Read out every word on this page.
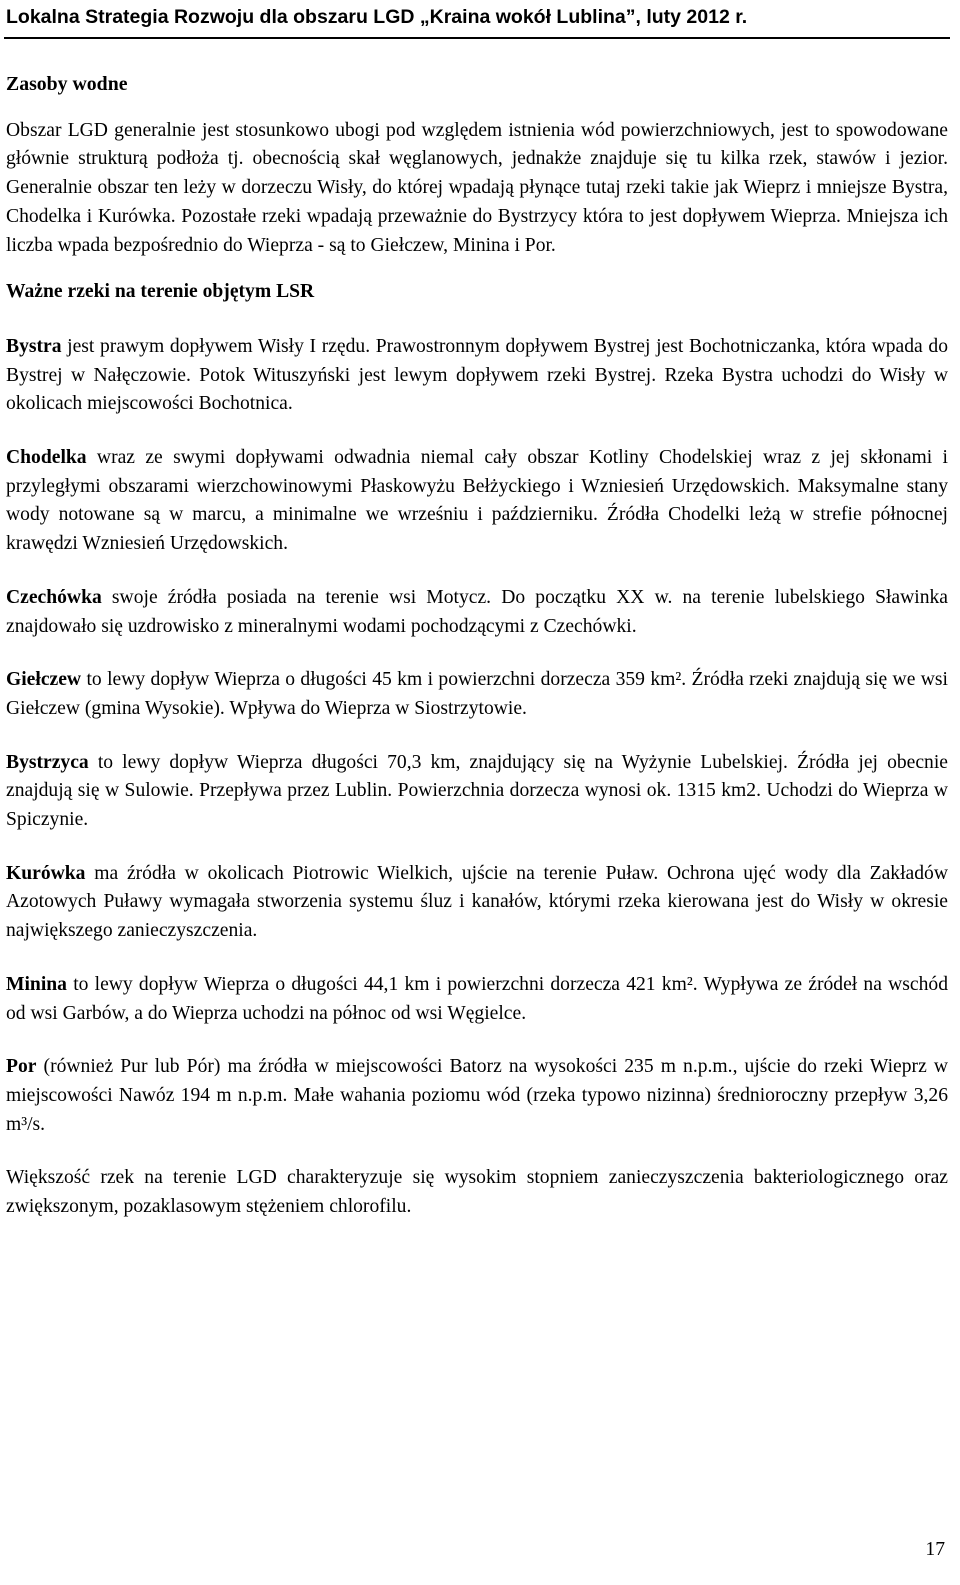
Lokalna Strategia Rozwoju dla obszaru LGD „Kraina wokół Lublina”, luty 2012 r.
Zasoby wodne

Obszar LGD generalnie jest stosunkowo ubogi pod względem istnienia wód powierzchniowych, jest to spowodowane głównie strukturą podłoża tj. obecnością skał węglanowych, jednakże znajduje się tu kilka rzek, stawów i jezior. Generalnie obszar ten leży w dorzeczu Wisły, do której wpadają płynące tutaj rzeki takie jak Wieprz i mniejsze Bystra, Chodelka i Kurówka. Pozostałe rzeki wpadają przeważnie do Bystrzycy która to jest dopływem Wieprza. Mniejsza ich liczba wpada bezpośrednio do Wieprza - są to Giełczew, Minina i Por.

Ważne rzeki na terenie objętym LSR

Bystra jest prawym dopływem Wisły I rzędu. Prawostronnym dopływem Bystrej jest Bochotniczanka, która wpada do Bystrej w Nałęczowie. Potok Wituszyński jest lewym dopływem rzeki Bystrej. Rzeka Bystra uchodzi do Wisły w okolicach miejscowości Bochotnica.

Chodelka wraz ze swymi dopływami odwadnia niemal cały obszar Kotliny Chodelskiej wraz z jej skłonami i przyległymi obszarami wierzchowinowymi Płaskowyżu Bełżyckiego i Wzniesień Urzędowskich. Maksymalne stany wody notowane są w marcu, a minimalne we wrześniu i październiku. Źródła Chodelki leżą w strefie północnej krawędzi Wzniesień Urzędowskich.

Czechówka swoje źródła posiada na terenie wsi Motycz. Do początku XX w. na terenie lubelskiego Sławinka znajdowało się uzdrowisko z mineralnymi wodami pochodzącymi z Czechówki.

Giełczew to lewy dopływ Wieprza o długości 45 km i powierzchni dorzecza 359 km². Źródła rzeki znajdują się we wsi Giełczew (gmina Wysokie). Wpływa do Wieprza w Siostrzytowie.

Bystrzyca to lewy dopływ Wieprza długości 70,3 km, znajdujący się na Wyżynie Lubelskiej. Źródła jej obecnie znajdują się w Sulowie. Przepływa przez Lublin. Powierzchnia dorzecza wynosi ok. 1315 km2. Uchodzi do Wieprza w Spiczynie.

Kurówka ma źródła w okolicach Piotrowic Wielkich, ujście na terenie Puław. Ochrona ujęć wody dla Zakładów Azotowych Puławy wymagała stworzenia systemu śluz i kanałów, którymi rzeka kierowana jest do Wisły w okresie największego zanieczyszczenia.

Minina to lewy dopływ Wieprza o długości 44,1 km i powierzchni dorzecza 421 km². Wypływa ze źródeł na wschód od wsi Garbów, a do Wieprza uchodzi na północ od wsi Węgielce.

Por (również Pur lub Pór) ma źródła w miejscowości Batorz na wysokości 235 m n.p.m., ujście do rzeki Wieprz w miejscowości Nawóz 194 m n.p.m. Małe wahania poziomu wód (rzeka typowo nizinna) średnioroczny przepływ 3,26 m³/s.

Większość rzek na terenie LGD charakteryzuje się wysokim stopniem zanieczyszczenia bakteriologicznego oraz zwiększonym, pozaklasowym stężeniem chlorofilu.

17
